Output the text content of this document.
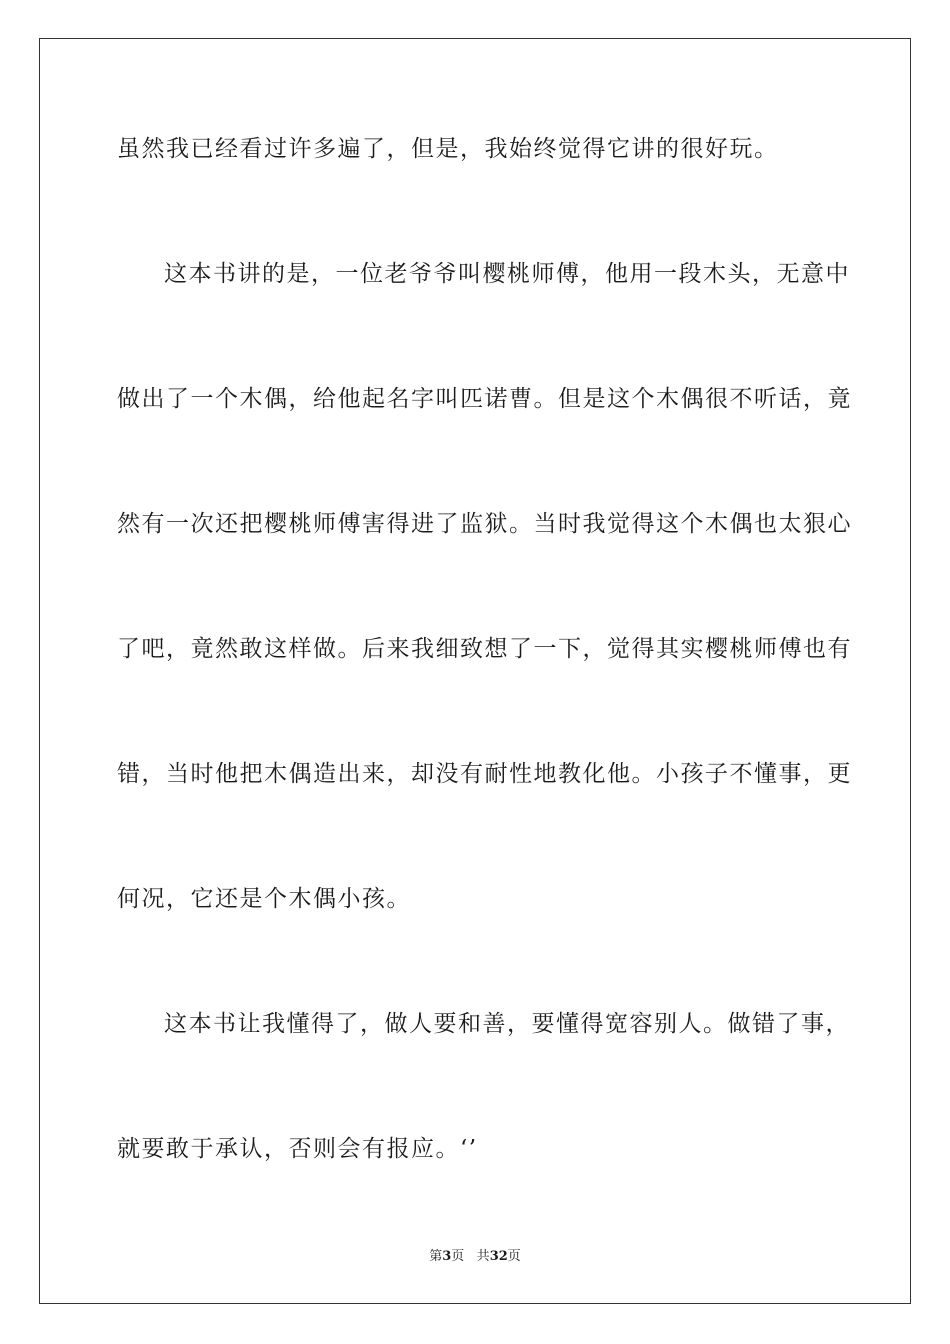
虽然我已经看过许多遍了，但是，我始终觉得它讲的很好玩。
这本书讲的是，一位老爷爷叫樱桃师傅，他用一段木头，无意中
做出了一个木偶，给他起名字叫匹诺曹。但是这个木偶很不听话，竟
然有一次还把樱桃师傅害得进了监狱。当时我觉得这个木偶也太狠心
了吧，竟然敢这样做。后来我细致想了一下，觉得其实樱桃师傅也有
错，当时他把木偶造出来，却没有耐性地教化他。小孩子不懂事，更
何况，它还是个木偶小孩。
这本书让我懂得了，做人要和善，要懂得宽容别人。做错了事，
就要敢于承认，否则会有报应。‘’
第3页 共32页
